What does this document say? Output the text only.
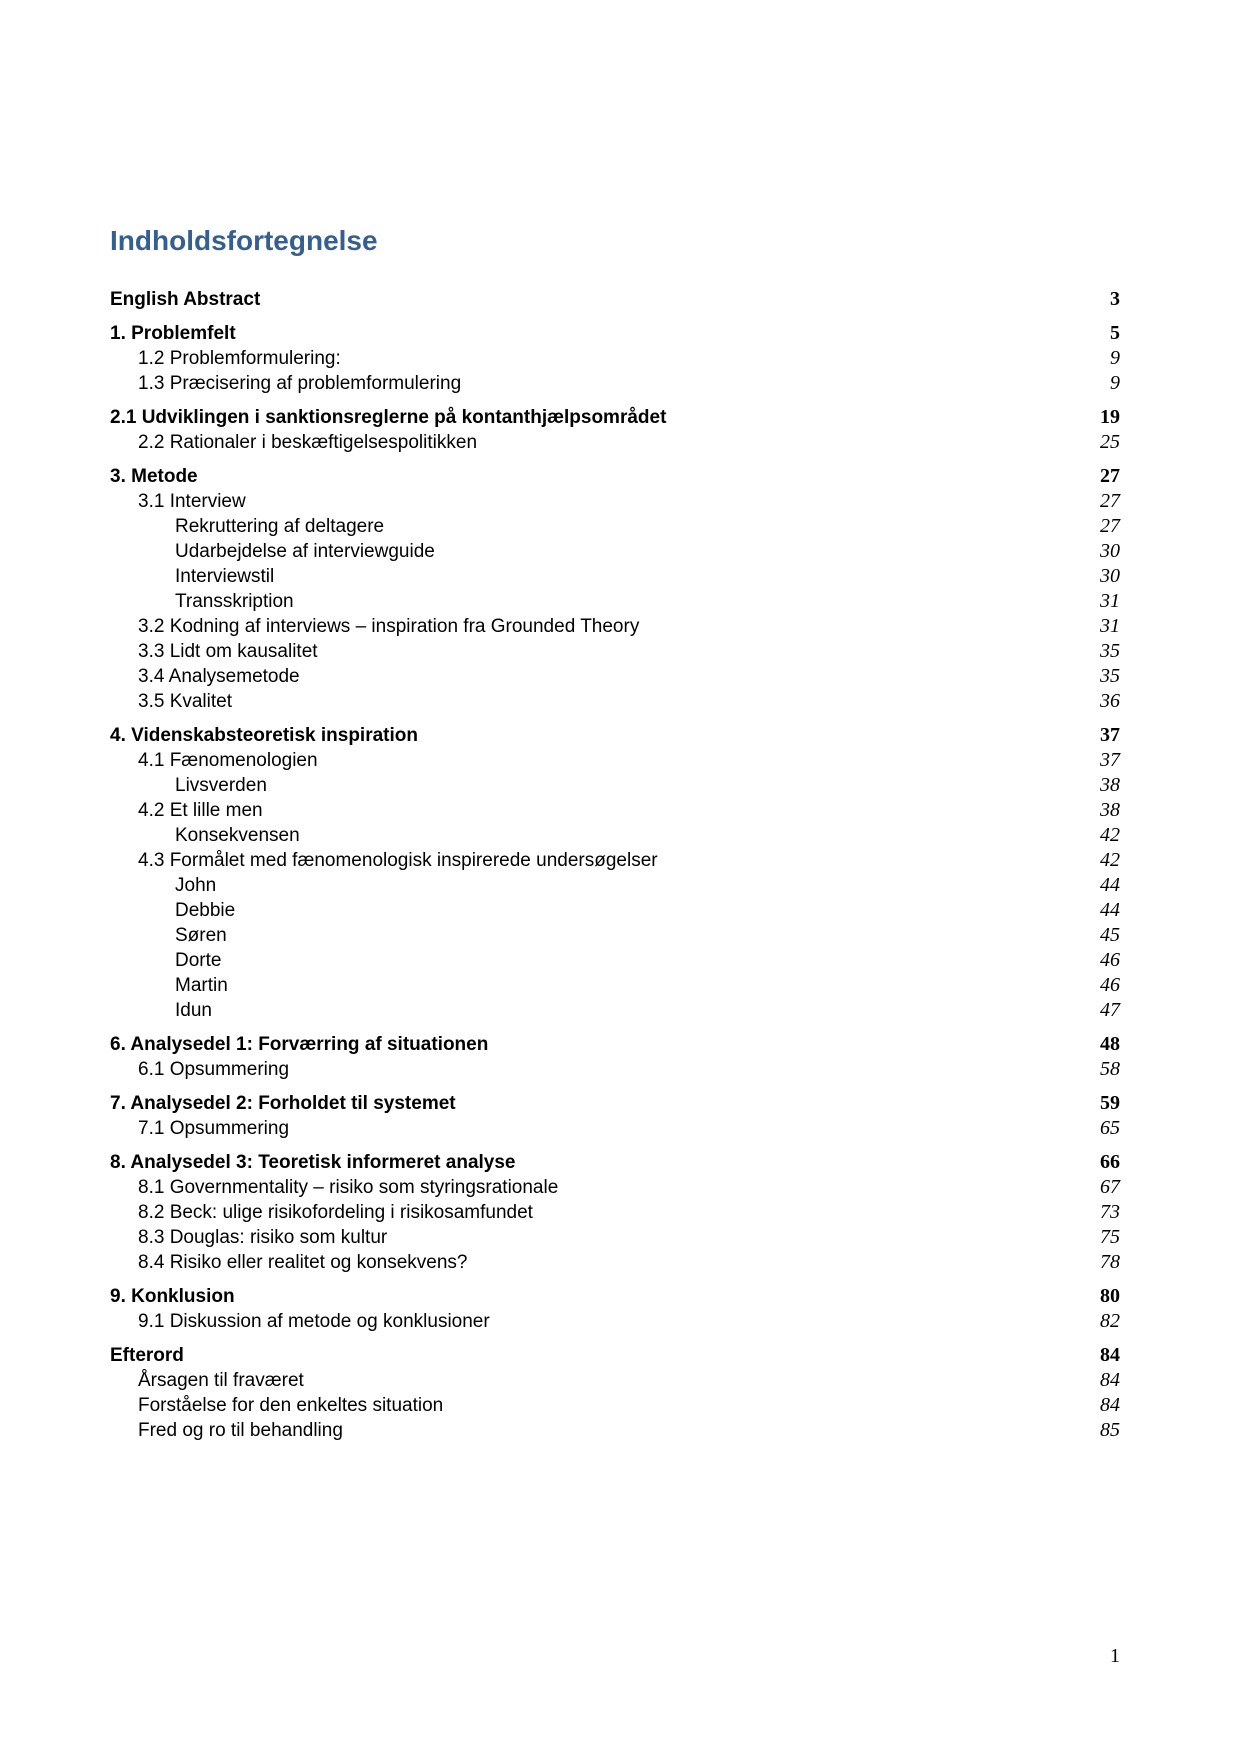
Indholdsfortegnelse
English Abstract	3
1. Problemfelt	5
1.2 Problemformulering:	9
1.3 Præcisering af problemformulering	9
2.1 Udviklingen i sanktionsreglerne på kontanthjælpsområdet	19
2.2 Rationaler i beskæftigelsespolitikken	25
3. Metode	27
3.1 Interview	27
Rekruttering af deltagere	27
Udarbejdelse af interviewguide	30
Interviewstil	30
Transskription	31
3.2 Kodning af interviews – inspiration fra Grounded Theory	31
3.3 Lidt om kausalitet	35
3.4 Analysemetode	35
3.5 Kvalitet	36
4. Videnskabsteoretisk inspiration	37
4.1 Fænomenologien	37
Livsverden	38
4.2 Et lille men	38
Konsekvensen	42
4.3 Formålet med fænomenologisk inspirerede undersøgelser	42
John	44
Debbie	44
Søren	45
Dorte	46
Martin	46
Idun	47
6. Analysedel 1: Forværring af situationen	48
6.1 Opsummering	58
7. Analysedel 2: Forholdet til systemet	59
7.1 Opsummering	65
8. Analysedel 3: Teoretisk informeret analyse	66
8.1 Governmentality – risiko som styringsrationale	67
8.2 Beck: ulige risikofordeling i risikosamfundet	73
8.3 Douglas: risiko som kultur	75
8.4 Risiko eller realitet og konsekvens?	78
9. Konklusion	80
9.1 Diskussion af metode og konklusioner	82
Efterord	84
Årsagen til fraværet	84
Forståelse for den enkeltes situation	84
Fred og ro til behandling	85
1
